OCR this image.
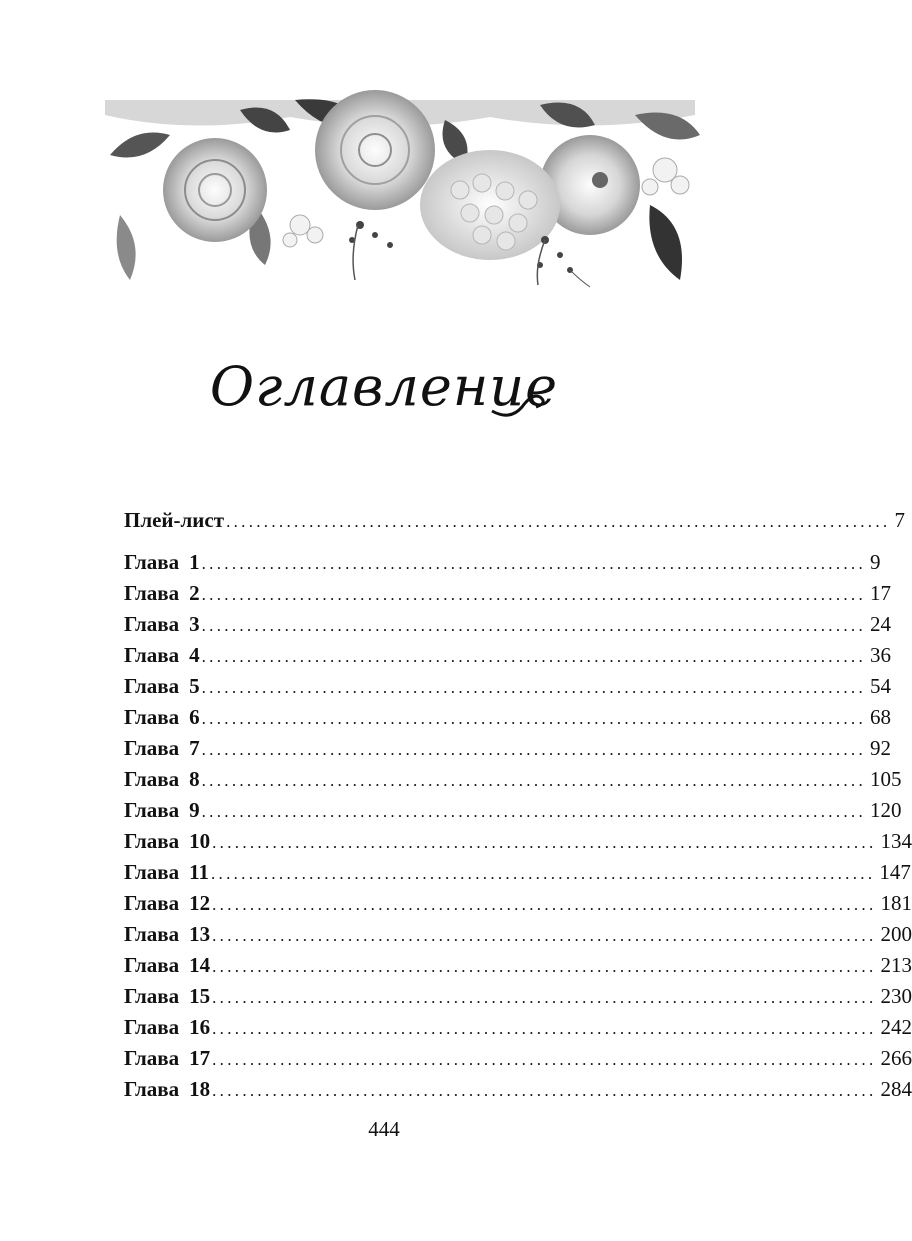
Оглавление
Плей-лист ........................................................................................ 7
Глава 1 ........................................................................................ 9
Глава 2 ........................................................................................ 17
Глава 3 ........................................................................................ 24
Глава 4 ........................................................................................ 36
Глава 5 ........................................................................................ 54
Глава 6 ........................................................................................ 68
Глава 7 ........................................................................................ 92
Глава 8 ........................................................................................ 105
Глава 9 ........................................................................................ 120
Глава 10 ........................................................................................ 134
Глава 11 ........................................................................................ 147
Глава 12 ........................................................................................ 181
Глава 13 ........................................................................................ 200
Глава 14 ........................................................................................ 213
Глава 15 ........................................................................................ 230
Глава 16 ........................................................................................ 242
Глава 17 ........................................................................................ 266
Глава 18 ........................................................................................ 284
444
